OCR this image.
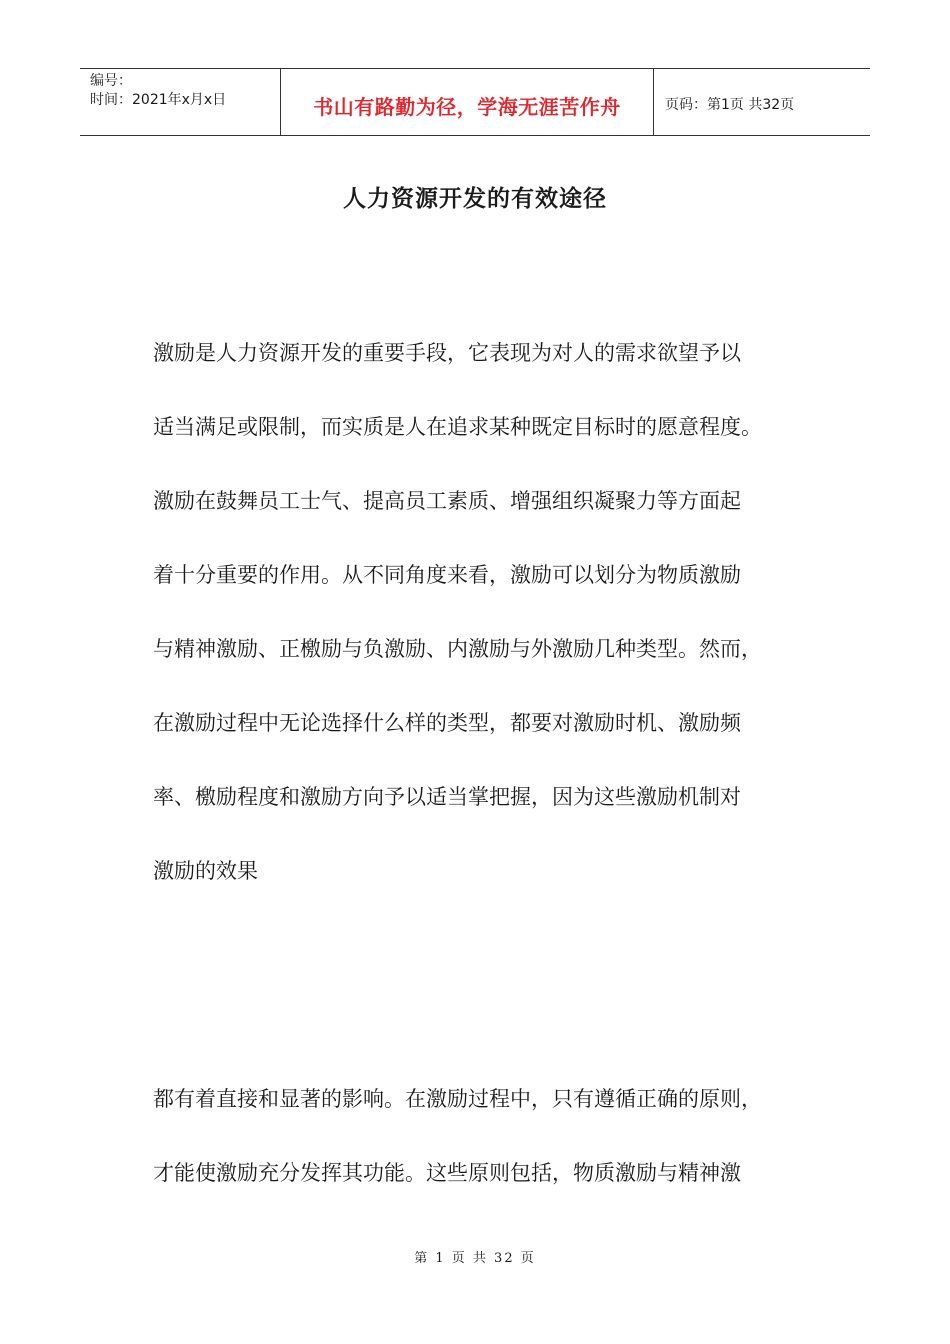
编号：
时间：2021年x月x日	书山有路勤为径，学海无涯苦作舟	页码：第1页 共32页
人力资源开发的有效途径
激励是人力资源开发的重要手段，它表现为对人的需求欲望予以
适当满足或限制，而实质是人在追求某种既定目标时的愿意程度。
激励在鼓舞员工士气、提高员工素质、增强组织凝聚力等方面起
着十分重要的作用。从不同角度来看，激励可以划分为物质激励
与精神激励、正檄励与负激励、内激励与外激励几种类型。然而，
在激励过程中无论选择什么样的类型，都要对激励时机、激励频
率、檄励程度和激励方向予以适当掌把握，因为这些激励机制对
激励的效果
都有着直接和显著的影响。在激励过程中，只有遵循正确的原则，
才能使激励充分发挥其功能。这些原则包括，物质激励与精神激
第 1 页 共 32 页
